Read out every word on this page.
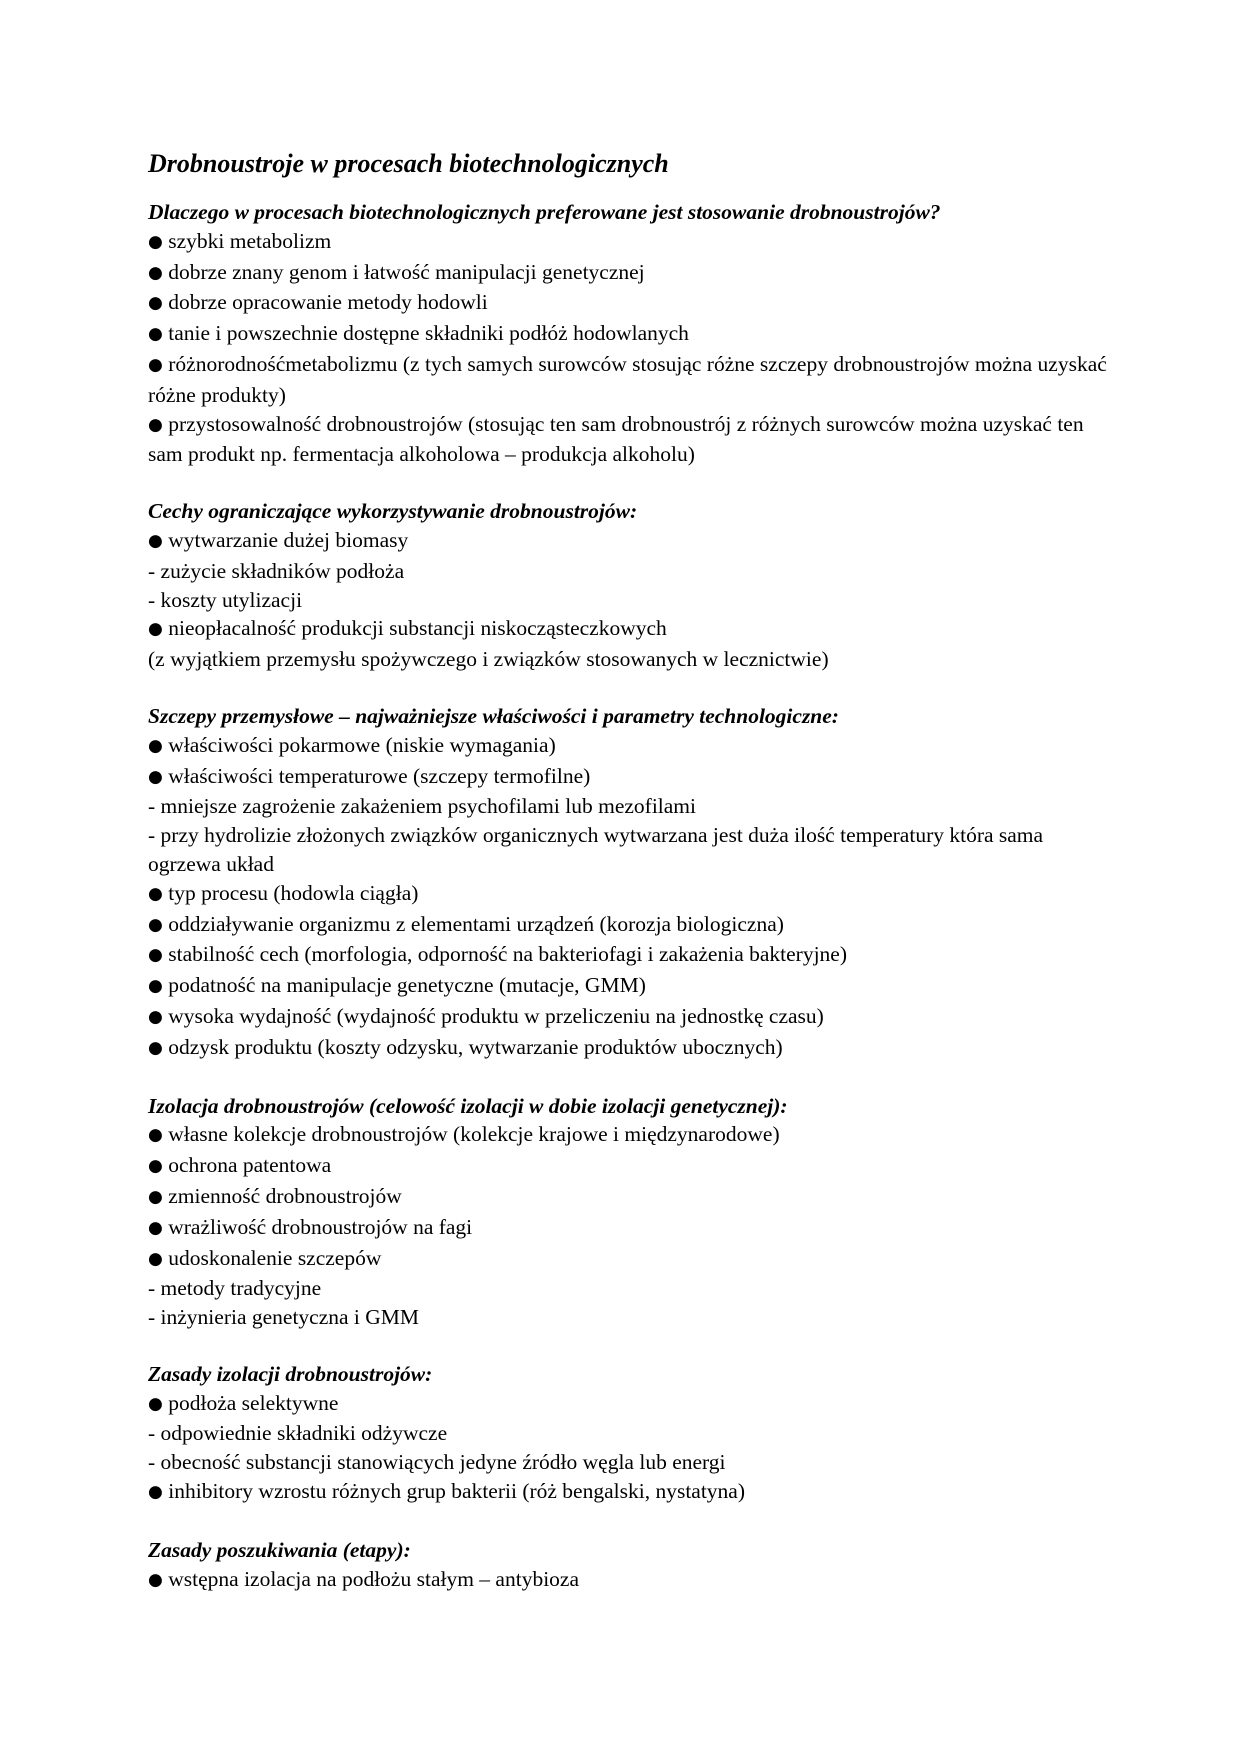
Drobnoustroje w procesach biotechnologicznych

Dlaczego w procesach biotechnologicznych preferowane jest stosowanie drobnoustrojów?

● szybki metabolizm

● dobrze znany genom i łatwość manipulacji genetycznej

● dobrze opracowanie metody hodowli

● tanie i powszechnie dostępne składniki podłóż hodowlanych

● różnorodnośćmetabolizmu (z tych samych surowców stosując różne szczepy drobnoustrojów można uzyskać różne produkty)

● przystosowalność drobnoustrojów (stosując ten sam drobnoustrój z różnych surowców można uzyskać ten sam produkt np. fermentacja alkoholowa – produkcja alkoholu)

Cechy ograniczające wykorzystywanie drobnoustrojów:

● wytwarzanie dużej biomasy

- zużycie składników podłoża

- koszty utylizacji

● nieopłacalność produkcji substancji niskocząsteczkowych

(z wyjątkiem przemysłu spożywczego i związków stosowanych w lecznictwie)

Szczepy przemysłowe – najważniejsze właściwości i parametry technologiczne:

● właściwości pokarmowe (niskie wymagania)

● właściwości temperaturowe (szczepy termofilne)

- mniejsze zagrożenie zakażeniem psychofilami lub mezofilami

- przy hydrolizie złożonych związków organicznych wytwarzana jest duża ilość temperatury która sama ogrzewa układ

● typ procesu (hodowla ciągła)

● oddziaływanie organizmu z elementami urządzeń (korozja biologiczna)

● stabilność cech (morfologia, odporność na bakteriofagi i zakażenia bakteryjne)

● podatność na manipulacje genetyczne (mutacje, GMM)

● wysoka wydajność (wydajność produktu w przeliczeniu na jednostkę czasu)

● odzysk produktu (koszty odzysku, wytwarzanie produktów ubocznych)

Izolacja drobnoustrojów (celowość izolacji w dobie izolacji genetycznej):

● własne kolekcje drobnoustrojów (kolekcje krajowe i międzynarodowe)

● ochrona patentowa

● zmienność drobnoustrojów

● wrażliwość drobnoustrojów na fagi

● udoskonalenie szczepów

- metody tradycyjne

- inżynieria genetyczna i GMM

Zasady izolacji drobnoustrojów:

● podłoża selektywne

- odpowiednie składniki odżywcze

- obecność substancji stanowiących jedyne źródło węgla lub energi

● inhibitory wzrostu różnych grup bakterii (róż bengalski, nystatyna)

Zasady poszukiwania (etapy):

● wstępna izolacja na podłożu stałym – antybioza
